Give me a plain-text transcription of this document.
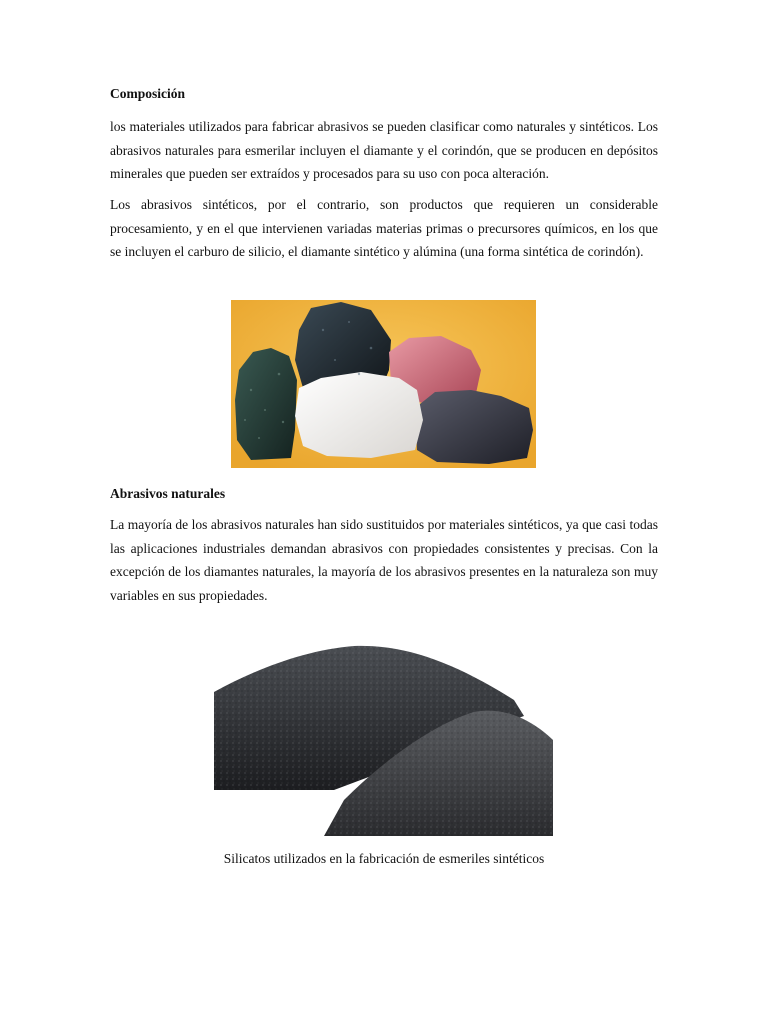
Composición

los materiales utilizados para fabricar abrasivos se pueden clasificar como naturales y sintéticos. Los abrasivos naturales para esmerilar incluyen el diamante y el corindón, que se producen en depósitos minerales que pueden ser extraídos y procesados para su uso con poca alteración.

Los abrasivos sintéticos, por el contrario, son productos que requieren un considerable procesamiento, y en el que intervienen variadas materias primas o precursores químicos, en los que se incluyen el carburo de silicio, el diamante sintético y alúmina (una forma sintética de corindón).

Abrasivos naturales

La mayoría de los abrasivos naturales han sido sustituidos por materiales sintéticos, ya que casi todas las aplicaciones industriales demandan abrasivos con propiedades consistentes y precisas. Con la excepción de los diamantes naturales, la mayoría de los abrasivos presentes en la naturaleza son muy variables en sus propiedades.

Silicatos utilizados en la fabricación de esmeriles sintéticos
